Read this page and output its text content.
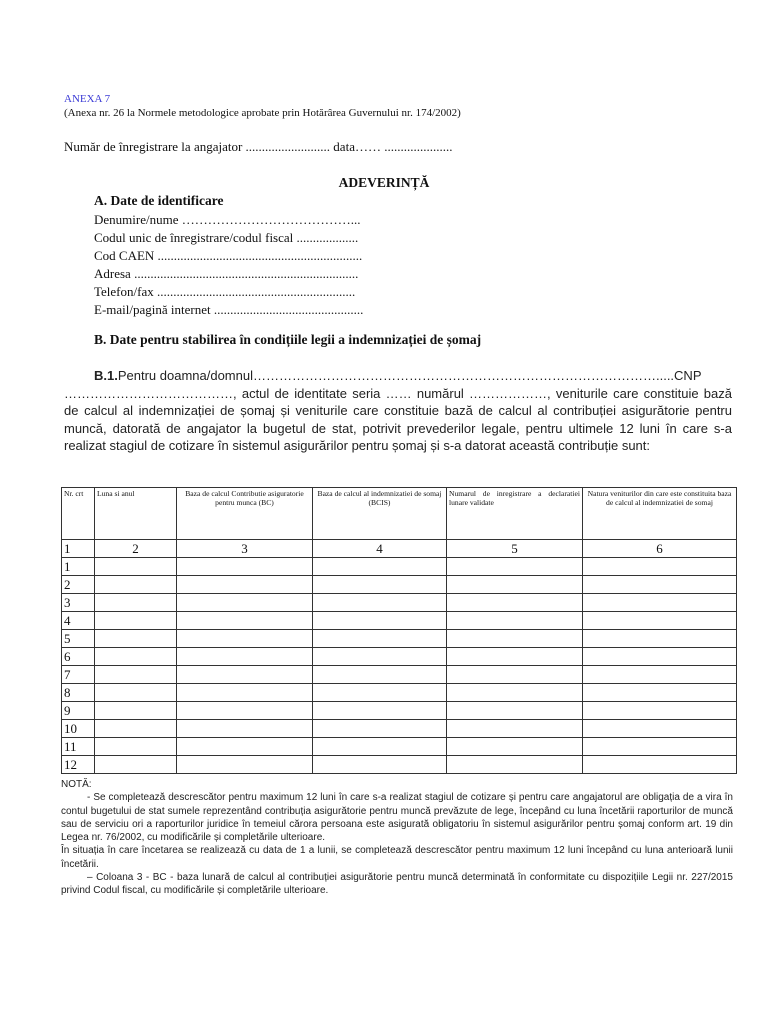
ANEXA 7
(Anexa nr. 26 la Normele metodologice aprobate prin Hotărârea Guvernului nr. 174/2002)
Număr de înregistrare la angajator .......................... data…… .....................
ADEVERINȚĂ
A. Date de identificare
Denumire/nume …………………………………...
Codul unic de înregistrare/codul fiscal ...................
Cod CAEN ...............................................................
Adresa .....................................................................
Telefon/fax .............................................................
E-mail/pagină internet ..............................................
B. Date pentru stabilirea în condițiile legii a indemnizației de șomaj
B.1.Pentru doamna/domnul………………………………………………………………………………….....CNP
…………………………………, actul de identitate seria …… numărul ………………, veniturile care constituie bază de calcul al indemnizației de șomaj și veniturile care constituie bază de calcul al contribuției asigurătorie pentru muncă, datorată de angajator la bugetul de stat, potrivit prevederilor legale, pentru ultimele 12 luni în care s-a realizat stagiul de cotizare în sistemul asigurărilor pentru șomaj și s-a datorat această contribuție sunt:
Nr. crt	Luna si anul	Baza de calcul Contributie asiguratorie pentru munca (BC)	Baza de calcul al indemnizatiei de somaj (BCIS)	Numarul de inregistrare a declaratiei lunare validate	Natura veniturilor din care este constituita baza de calcul al indemnizatiei de somaj
1	2	3	4	5	6
1					
2					
3					
4					
5					
6					
7					
8					
9					
10					
11					
12					

NOTĂ:

- Se completează descrescător pentru maximum 12 luni în care s-a realizat stagiul de cotizare și pentru care angajatorul are obligația de a vira în contul bugetului de stat sumele reprezentând contribuția asigurătorie pentru muncă prevăzute de lege, începând cu luna încetării raporturilor de muncă sau de serviciu ori a raporturilor juridice în temeiul cărora persoana este asigurată obligatoriu în sistemul asigurărilor pentru șomaj conform art. 19 din Legea nr. 76/2002, cu modificările și completările ulterioare.

În situația în care încetarea se realizează cu data de 1 a lunii, se completează descrescător pentru maximum 12 luni începând cu luna anterioară lunii încetării.

– Coloana 3 - BC - baza lunară de calcul al contribuției asigurătorie pentru muncă determinată în conformitate cu dispozițiile Legii nr. 227/2015 privind Codul fiscal, cu modificările și completările ulterioare.
